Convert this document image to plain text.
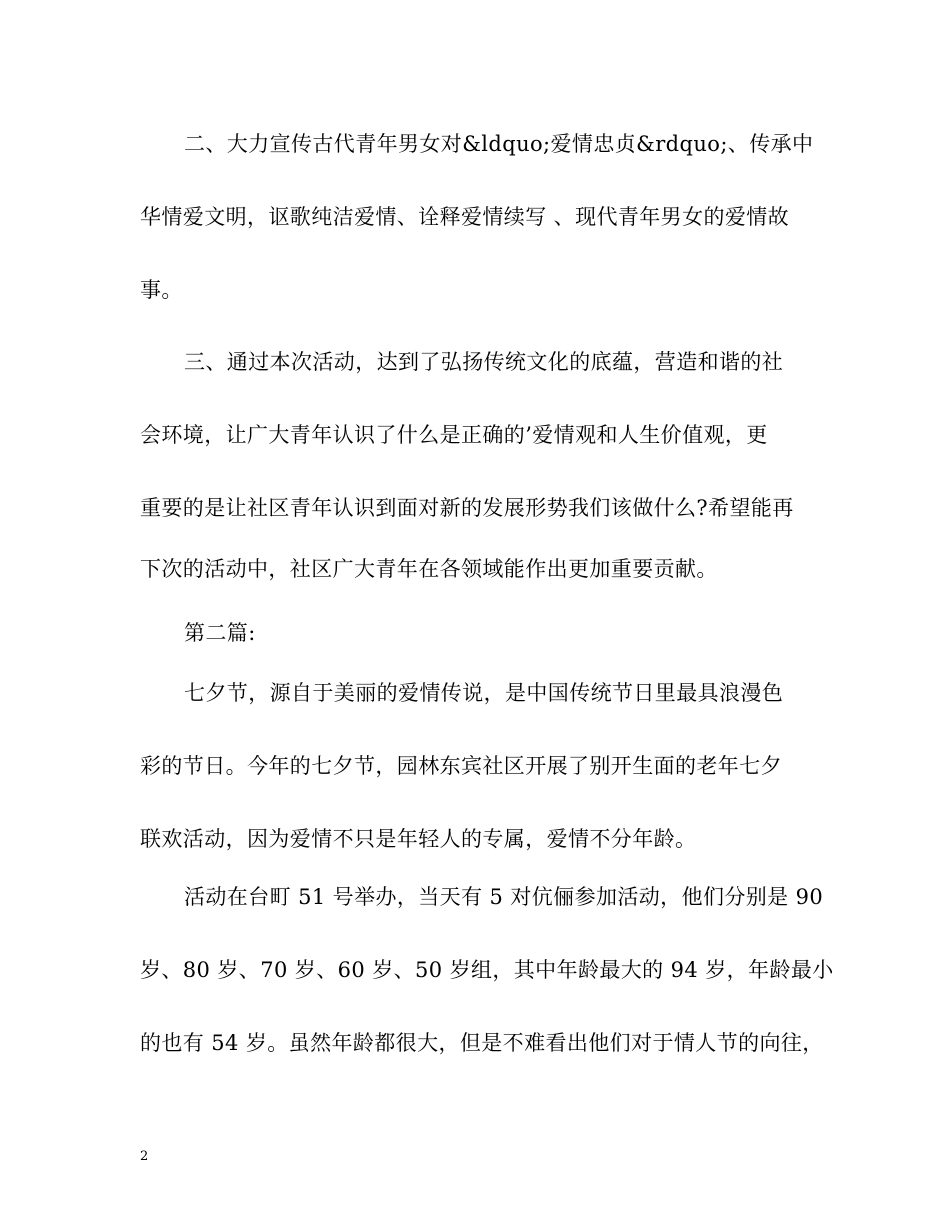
二、大力宣传古代青年男女对&ldquo;爱情忠贞&rdquo;、传承中
华情爱文明，讴歌纯洁爱情、诠释爱情续写 、现代青年男女的爱情故
事。
三、通过本次活动，达到了弘扬传统文化的底蕴，营造和谐的社
会环境，让广大青年认识了什么是正确的’爱情观和人生价值观，更
重要的是让社区青年认识到面对新的发展形势我们该做什么?希望能再
下次的活动中，社区广大青年在各领域能作出更加重要贡献。
第二篇:
七夕节，源自于美丽的爱情传说，是中国传统节日里最具浪漫色
彩的节日。今年的七夕节，园林东宾社区开展了别开生面的老年七夕
联欢活动，因为爱情不只是年轻人的专属，爱情不分年龄。
活动在台町 51 号举办，当天有 5 对伉俪参加活动，他们分别是 90
岁、80 岁、70 岁、60 岁、50 岁组，其中年龄最大的 94 岁，年龄最小
的也有 54 岁。虽然年龄都很大，但是不难看出他们对于情人节的向往，
2
